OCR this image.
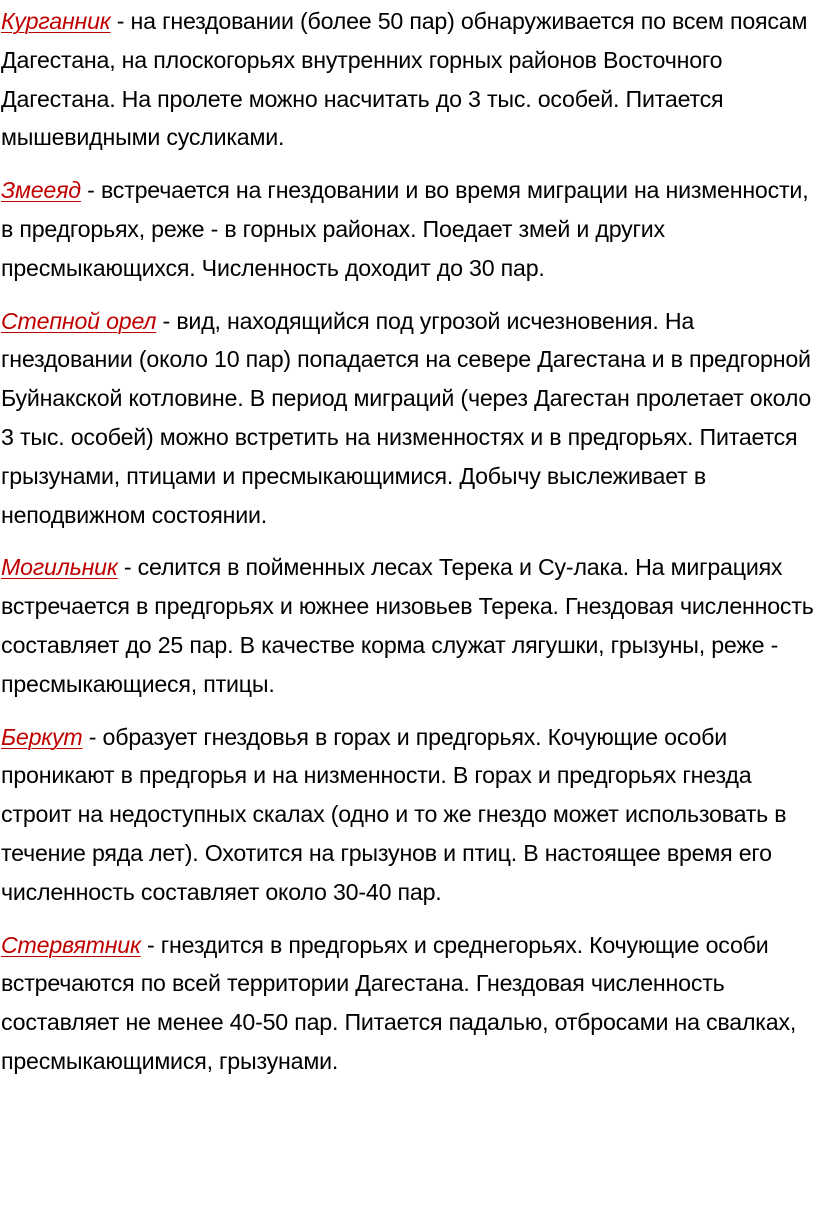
Курганник - на гнездовании (более 50 пар) обнаруживается по всем поясам Дагестана, на плоскогорьях внутренних горных районов Восточного Дагестана. На пролете можно насчитать до 3 тыс. особей. Питается мышевидными сусликами.

Змееяд - встречается на гнездовании и во время миграции на низменности, в предгорьях, реже - в горных районах. Поедает змей и других пресмыкающихся. Численность доходит до 30 пар.

Степной орел - вид, находящийся под угрозой исчезновения. На гнездовании (около 10 пар) попадается на севере Дагестана и в предгорной Буйнакской котловине. В период миграций (через Дагестан пролетает около 3 тыс. особей) можно встретить на низменностях и в предгорьях. Питается грызунами, птицами и пресмыкающимися. Добычу выслеживает в неподвижном состоянии.

Могильник - селится в пойменных лесах Терека и Су-лака. На миграциях встречается в предгорьях и южнее низовьев Терека. Гнездовая численность составляет до 25 пар. В качестве корма служат лягушки, грызуны, реже - пресмыкающиеся, птицы.

Беркут - образует гнездовья в горах и предгорьях. Кочующие особи проникают в предгорья и на низменности. В горах и предгорьях гнезда строит на недоступных скалах (одно и то же гнездо может использовать в течение ряда лет). Охотится на грызунов и птиц. В настоящее время его численность составляет около 30-40 пар.

Стервятник - гнездится в предгорьях и среднегорьях. Кочующие особи встречаются по всей территории Дагестана. Гнездовая численность составляет не менее 40-50 пар. Питается падалью, отбросами на свалках, пресмыкающимися, грызунами.
